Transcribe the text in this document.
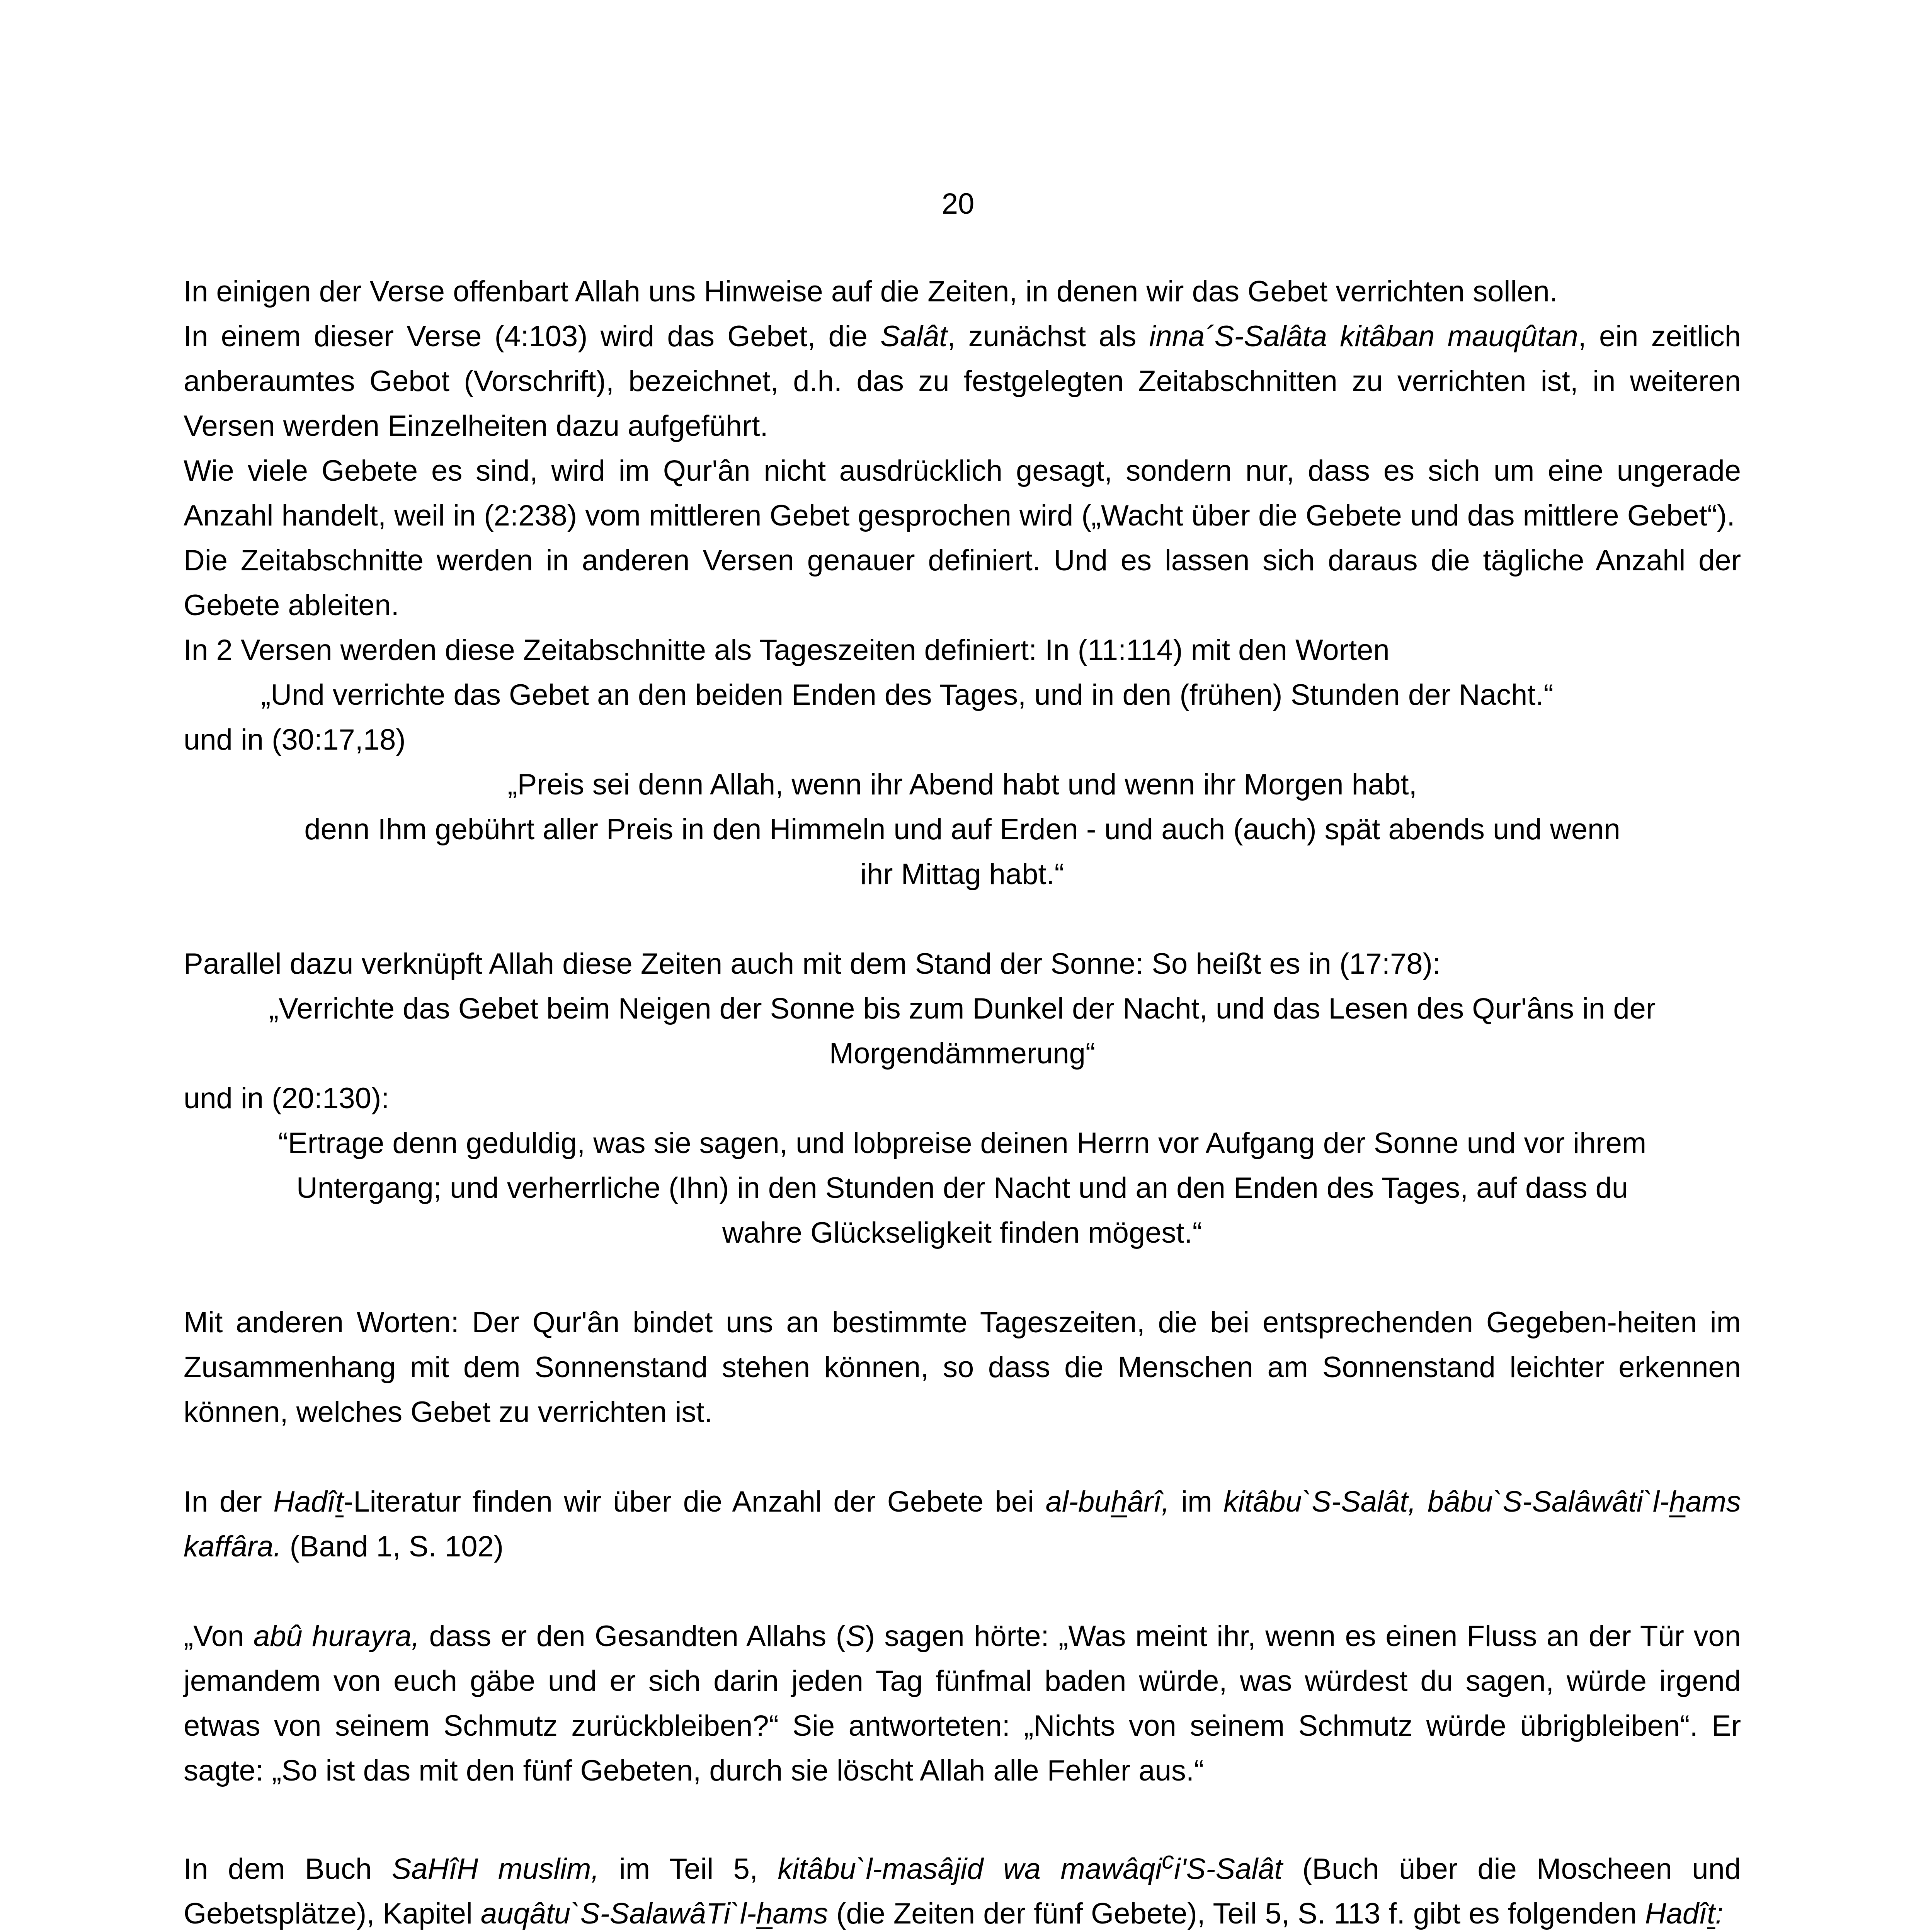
20

In einigen der Verse offenbart Allah uns Hinweise auf die Zeiten, in denen wir das Gebet verrichten sollen.

In einem dieser Verse (4:103) wird das Gebet, die Salât, zunächst als inna´S-Salâta kitâban mauqûtan, ein zeitlich anberaumtes Gebot (Vorschrift), bezeichnet, d.h. das zu festgelegten Zeitabschnitten zu verrichten ist, in weiteren Versen werden Einzelheiten dazu aufgeführt.

Wie viele Gebete es sind, wird im Qur'ân nicht ausdrücklich gesagt, sondern nur, dass es sich um eine ungerade Anzahl handelt, weil in (2:238) vom mittleren Gebet gesprochen wird („Wacht über die Gebete und das mittlere Gebet“).

Die Zeitabschnitte werden in anderen Versen genauer definiert. Und es lassen sich daraus die tägliche Anzahl der Gebete ableiten.

In 2 Versen werden diese Zeitabschnitte als Tageszeiten definiert: In (11:114) mit den Worten

„Und verrichte das Gebet an den beiden Enden des Tages, und in den (frühen) Stunden der Nacht.“

und in (30:17,18)

„Preis sei denn Allah, wenn ihr Abend habt und wenn ihr Morgen habt,

denn Ihm gebührt aller Preis in den Himmeln und auf Erden - und auch (auch) spät abends und wenn

ihr Mittag habt.“

Parallel dazu verknüpft Allah diese Zeiten auch mit dem Stand der Sonne: So heißt es in (17:78):

„Verrichte das Gebet beim Neigen der Sonne bis zum Dunkel der Nacht, und das Lesen des Qur'âns in der

Morgendämmerung“

und in (20:130):

“Ertrage denn geduldig, was sie sagen, und lobpreise deinen Herrn vor Aufgang der Sonne und vor ihrem

Untergang; und verherrliche (Ihn) in den Stunden der Nacht und an den Enden des Tages, auf dass du

wahre Glückseligkeit finden mögest.“

Mit anderen Worten: Der Qur'ân bindet uns an bestimmte Tageszeiten, die bei entsprechenden Gegeben-heiten im Zusammenhang mit dem Sonnenstand stehen können, so dass die Menschen am Sonnenstand leichter erkennen können, welches Gebet zu verrichten ist.

In der Hadît-Literatur finden wir über die Anzahl der Gebete bei al-buhârî, im kitâbu`S-Salât, bâbu`S-Salâwâti`l-hams kaffâra. (Band 1, S. 102)

„Von abû hurayra, dass er den Gesandten Allahs (S) sagen hörte: „Was meint ihr, wenn es einen Fluss an der Tür von jemandem von euch gäbe und er sich darin jeden Tag fünfmal baden würde, was würdest du sagen, würde irgend etwas von seinem Schmutz zurückbleiben?“ Sie antworteten: „Nichts von seinem Schmutz würde übrigbleiben“. Er sagte: „So ist das mit den fünf Gebeten, durch sie löscht Allah alle Fehler aus.“

In dem Buch SaHîH muslim, im Teil 5, kitâbu`l-masâjid wa mawâqi$^c$i'S-Salât (Buch über die Moscheen und Gebetsplätze), Kapitel auqâtu`S-SalawâTi`l-hams (die Zeiten der fünf Gebete), Teil 5, S. 113 f. gibt es folgenden Hadît:
